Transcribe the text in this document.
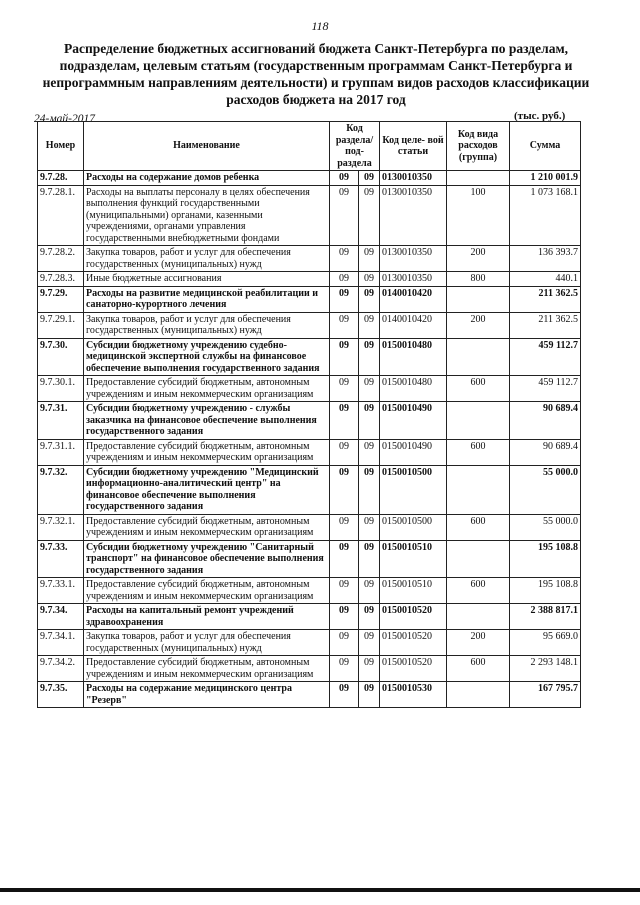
118
Распределение бюджетных ассигнований бюджета Санкт-Петербурга по разделам, подразделам, целевым статьям (государственным программам Санкт-Петербурга и непрограммным направлениям деятельности) и группам видов расходов классификации расходов бюджета на 2017 год
24-май-2017	(тыс. руб.)
Номер	Наименование	Код раздела/ под- раздела		Код целе- вой статьи	Код вида расходов (группа)	Сумма
9.7.28.	Расходы на содержание домов ребенка	09	09	0130010350		1 210 001.9
9.7.28.1.	Расходы на выплаты персоналу в целях обеспечения выполнения функций государственными (муниципальными) органами, казенными учреждениями, органами управления государственными внебюджетными фондами	09	09	0130010350	100	1 073 168.1
9.7.28.2.	Закупка товаров, работ и услуг для обеспечения государственных (муниципальных) нужд	09	09	0130010350	200	136 393.7
9.7.28.3.	Иные бюджетные ассигнования	09	09	0130010350	800	440.1
9.7.29.	Расходы на развитие медицинской реабилитации и санаторно-курортного лечения	09	09	0140010420		211 362.5
9.7.29.1.	Закупка товаров, работ и услуг для обеспечения государственных (муниципальных) нужд	09	09	0140010420	200	211 362.5
9.7.30.	Субсидии бюджетному учреждению судебно-медицинской экспертной службы на финансовое обеспечение выполнения государственного задания	09	09	0150010480		459 112.7
9.7.30.1.	Предоставление субсидий бюджетным, автономным учреждениям и иным некоммерческим организациям	09	09	0150010480	600	459 112.7
9.7.31.	Субсидии бюджетному учреждению - службы заказчика на финансовое обеспечение выполнения государственного задания	09	09	0150010490		90 689.4
9.7.31.1.	Предоставление субсидий бюджетным, автономным учреждениям и иным некоммерческим организациям	09	09	0150010490	600	90 689.4
9.7.32.	Субсидии бюджетному учреждению "Медицинский информационно-аналитический центр" на финансовое обеспечение выполнения государственного задания	09	09	0150010500		55 000.0
9.7.32.1.	Предоставление субсидий бюджетным, автономным учреждениям и иным некоммерческим организациям	09	09	0150010500	600	55 000.0
9.7.33.	Субсидии бюджетному учреждению "Санитарный транспорт" на финансовое обеспечение выполнения государственного задания	09	09	0150010510		195 108.8
9.7.33.1.	Предоставление субсидий бюджетным, автономным учреждениям и иным некоммерческим организациям	09	09	0150010510	600	195 108.8
9.7.34.	Расходы на капитальный ремонт учреждений здравоохранения	09	09	0150010520		2 388 817.1
9.7.34.1.	Закупка товаров, работ и услуг для обеспечения государственных (муниципальных) нужд	09	09	0150010520	200	95 669.0
9.7.34.2.	Предоставление субсидий бюджетным, автономным учреждениям и иным некоммерческим организациям	09	09	0150010520	600	2 293 148.1
9.7.35.	Расходы на содержание медицинского центра "Резерв"	09	09	0150010530		167 795.7
